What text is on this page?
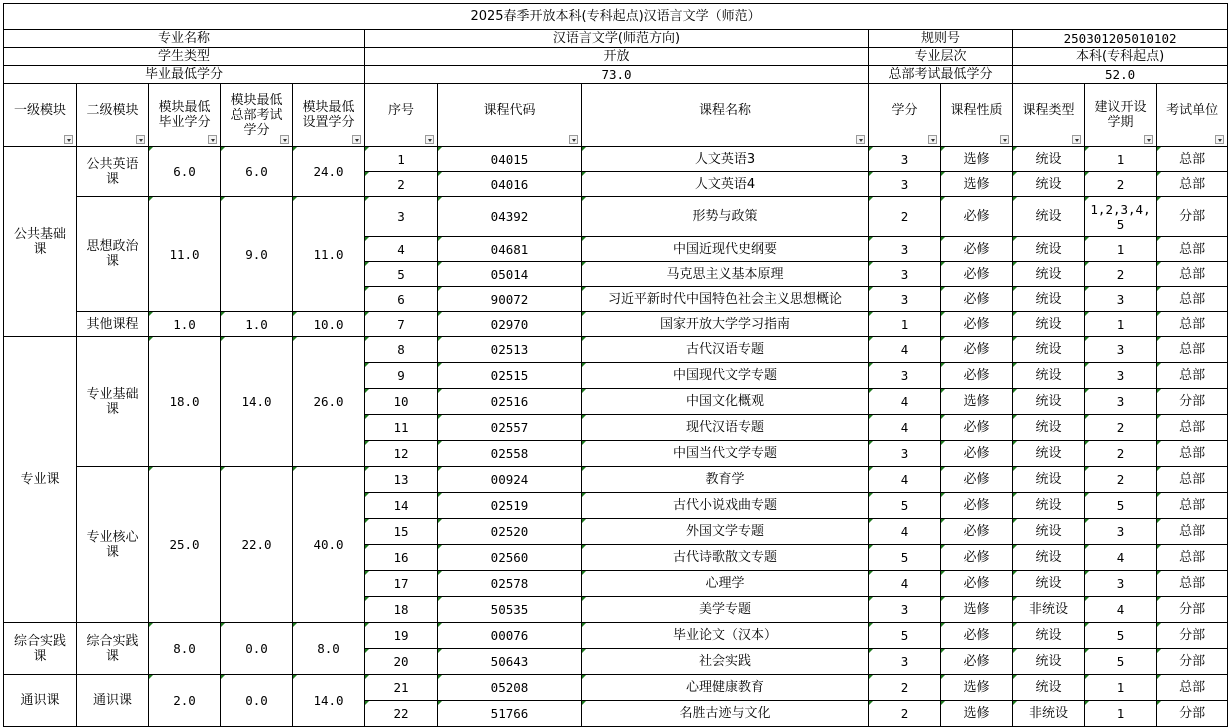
2025春季开放本科(专科起点)汉语言文学（师范）												
专业名称					汉语言文学(师范方向)			规则号		250301205010102		
学生类型					开放			专业层次		本科(专科起点)		
毕业最低学分					73.0			总部考试最低学分		52.0		
一级模块	二级模块	模块最低毕业学分	模块最低总部考试学分	模块最低设置学分	序号	课程代码	课程名称	学分	课程性质	课程类型	建议开设学期	考试单位

公共基础课	公共英语课	6.0	6.0	24.0	1	04015	人文英语3	3	选修	统设	1	总部
					2	04016	人文英语4	3	选修	统设	2	总部
	思想政治课	11.0	9.0	11.0	3	04392	形势与政策	2	必修	统设	1,2,3,4,5	分部
					4	04681	中国近现代史纲要	3	必修	统设	1	总部
					5	05014	马克思主义基本原理	3	必修	统设	2	总部
					6	90072	习近平新时代中国特色社会主义思想概论	3	必修	统设	3	总部
	其他课程	1.0	1.0	10.0	7	02970	国家开放大学学习指南	1	必修	统设	1	总部
专业课	专业基础课	18.0	14.0	26.0	8	02513	古代汉语专题	4	必修	统设	3	总部
					9	02515	中国现代文学专题	3	必修	统设	3	总部
					10	02516	中国文化概观	4	选修	统设	3	分部
					11	02557	现代汉语专题	4	必修	统设	2	总部
					12	02558	中国当代文学专题	3	必修	统设	2	总部
	专业核心课	25.0	22.0	40.0	13	00924	教育学	4	必修	统设	2	总部
					14	02519	古代小说戏曲专题	5	必修	统设	5	总部
					15	02520	外国文学专题	4	必修	统设	3	总部
					16	02560	古代诗歌散文专题	5	必修	统设	4	总部
					17	02578	心理学	4	必修	统设	3	总部
					18	50535	美学专题	3	选修	非统设	4	分部
综合实践课	综合实践课	8.0	0.0	8.0	19	00076	毕业论文（汉本）	5	必修	统设	5	分部
					20	50643	社会实践	3	必修	统设	5	分部
通识课	通识课	2.0	0.0	14.0	21	05208	心理健康教育	2	选修	统设	1	总部
					22	51766	名胜古迹与文化	2	选修	非统设	1	分部
